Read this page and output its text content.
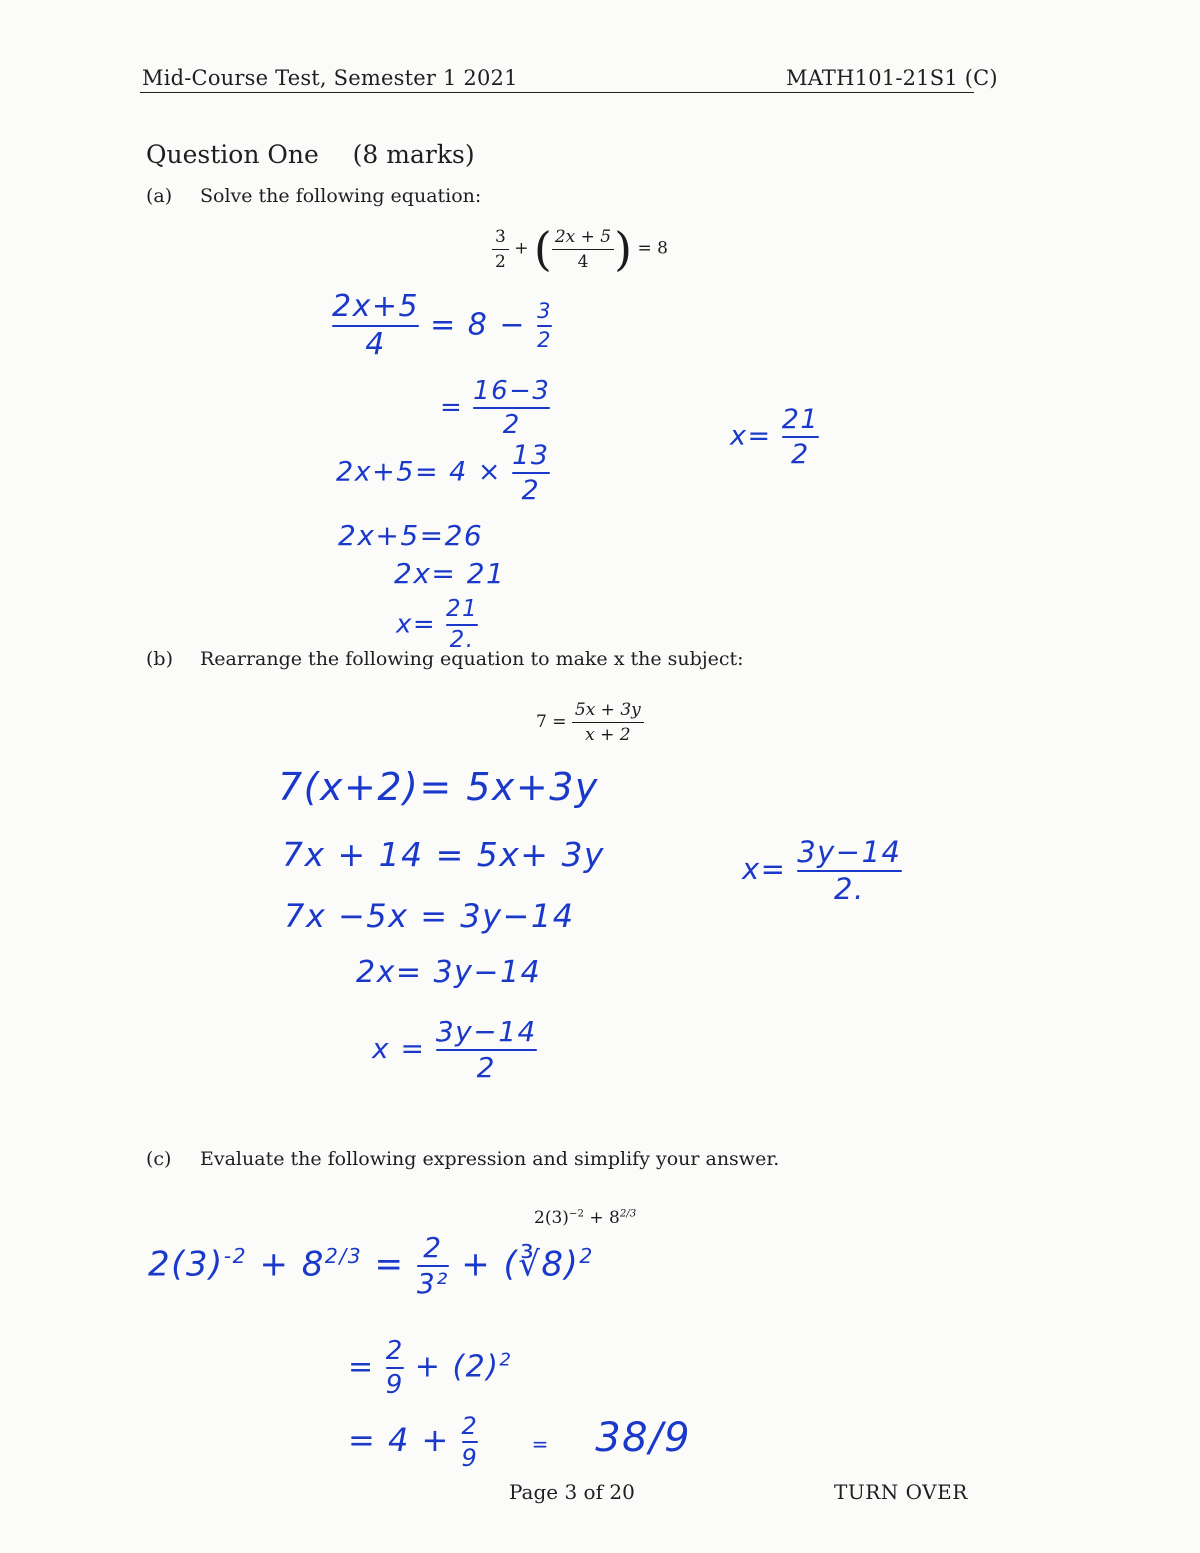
Mid-Course Test, Semester 1 2021	MATH101-21S1 (C)
Question One (8 marks)
(a) Solve the following equation:
$\frac{3}{2}$ + ( $\frac{2x + 5}{4}$ ) = 8
$\frac{2x+5}{4} = 8 - \frac{3}{2}$
= $\frac{16-3}{2}$
$2x+5= 4 \times \frac{13}{2}$
2x+5=26
2x= 21
$x= \frac{21}{2.}$
$x= \frac{21}{2}$
(b) Rearrange the following equation to make x the subject:
$7 = \frac{5x + 3y}{x + 2}$
7(x+2)= 5x+3y
7x + 14 = 5x+ 3y
7x −5x = 3y−14
2x= 3y−14
$x = \frac{3y-14}{2}$
$x= \frac{3y-14}{2.}$
(c) Evaluate the following expression and simplify your answer.
$2(3)^{-2} + 8^{2/3}$
$2(3)^{-2} + 8^{2/3} = \frac{2}{\text{3²}}$ + (∛8)$^2$
= $\frac{2}{9} + (2)^2$
= $4 + \frac{2}{9}$	= 38/9
Page 3 of 20	TURN OVER
